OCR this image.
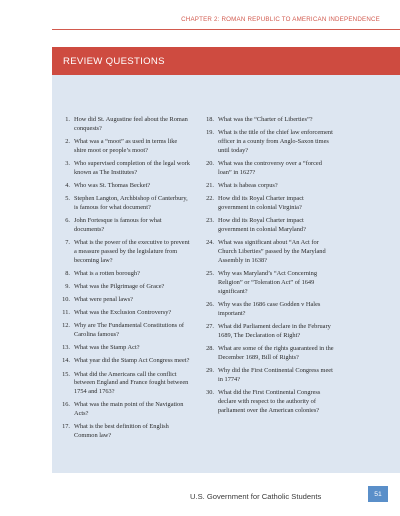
CHAPTER 2: ROMAN REPUBLIC TO AMERICAN INDEPENDENCE
REVIEW QUESTIONS
1. How did St. Augustine feel about the Roman conquests?
2. What was a “moot” as used in terms like shire moot or people’s moot?
3. Who supervised completion of the legal work known as The Institutes?
4. Who was St. Thomas Becket?
5. Stephen Langton, Archbishop of Canterbury, is famous for what document?
6. John Fortesque is famous for what documents?
7. What is the power of the executive to prevent a measure passed by the legislature from becoming law?
8. What is a rotten borough?
9. What was the Pilgrimage of Grace?
10. What were penal laws?
11. What was the Exclusion Controversy?
12. Why are The Fundamental Constitutions of Carolina famous?
13. What was the Stamp Act?
14. What year did the Stamp Act Congress meet?
15. What did the Americans call the conflict between England and France fought between 1754 and 1763?
16. What was the main point of the Navigation Acts?
17. What is the best definition of English Common law?
18. What was the “Charter of Liberties”?
19. What is the title of the chief law enforcement officer in a county from Anglo-Saxon times until today?
20. What was the controversy over a “forced loan” in 1627?
21. What is habeas corpus?
22. How did its Royal Charter impact government in colonial Virginia?
23. How did its Royal Charter impact government in colonial Maryland?
24. What was significant about “An Act for Church Liberties” passed by the Maryland Assembly in 1638?
25. Why was Maryland’s “Act Concerning Religion” or “Toleration Act” of 1649 significant?
26. Why was the 1686 case Godden v Hales important?
27. What did Parliament declare in the February 1689, The Declaration of Right?
28. What are some of the rights guaranteed in the December 1689, Bill of Rights?
29. Why did the First Continental Congress meet in 1774?
30. What did the First Continental Congress declare with respect to the authority of parliament over the American colonies?
U.S. Government for Catholic Students	51
